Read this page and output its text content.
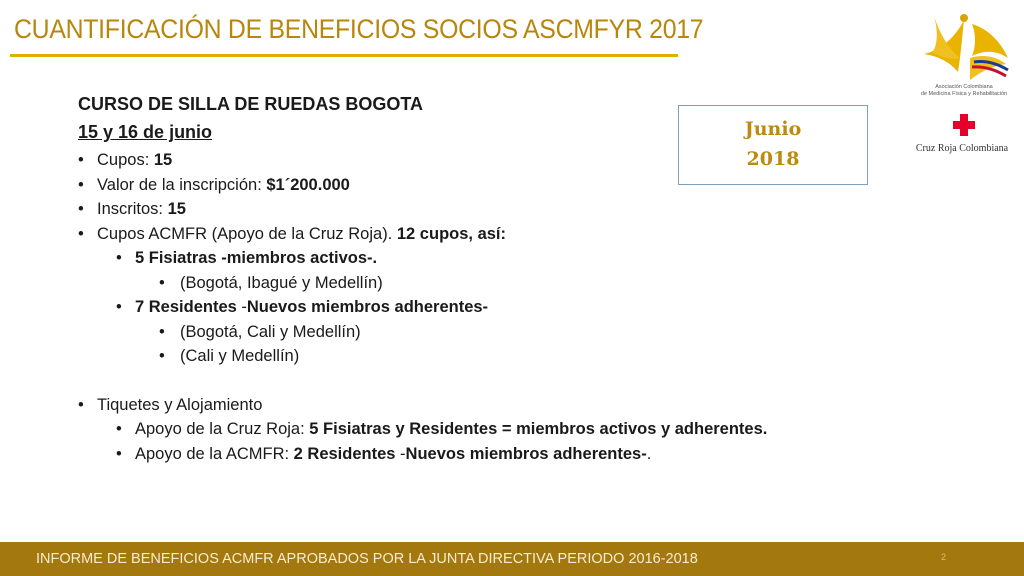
CUANTIFICACIÓN DE BENEFICIOS SOCIOS ASCMFYR 2017
CURSO DE SILLA DE RUEDAS BOGOTA
15 y 16 de junio
• Cupos: 15
• Valor de la inscripción: $1´200.000
• Inscritos: 15
• Cupos ACMFR (Apoyo de la Cruz Roja). 12 cupos, así:
• 5 Fisiatras -miembros activos-.
• (Bogotá, Ibagué y Medellín)
• 7 Residentes -Nuevos miembros adherentes-
• (Bogotá, Cali y Medellín)
• (Cali y Medellín)
• Tiquetes y Alojamiento
• Apoyo de la Cruz Roja: 5 Fisiatras y Residentes = miembros activos y adherentes.
• Apoyo de la ACMFR: 2 Residentes -Nuevos miembros adherentes-.
Junio
2018
Asociación Colombiana
de Medicina Física y Rehabilitación
Cruz Roja Colombiana
INFORME DE BENEFICIOS ACMFR APROBADOS POR LA JUNTA DIRECTIVA PERIODO 2016-2018	2
